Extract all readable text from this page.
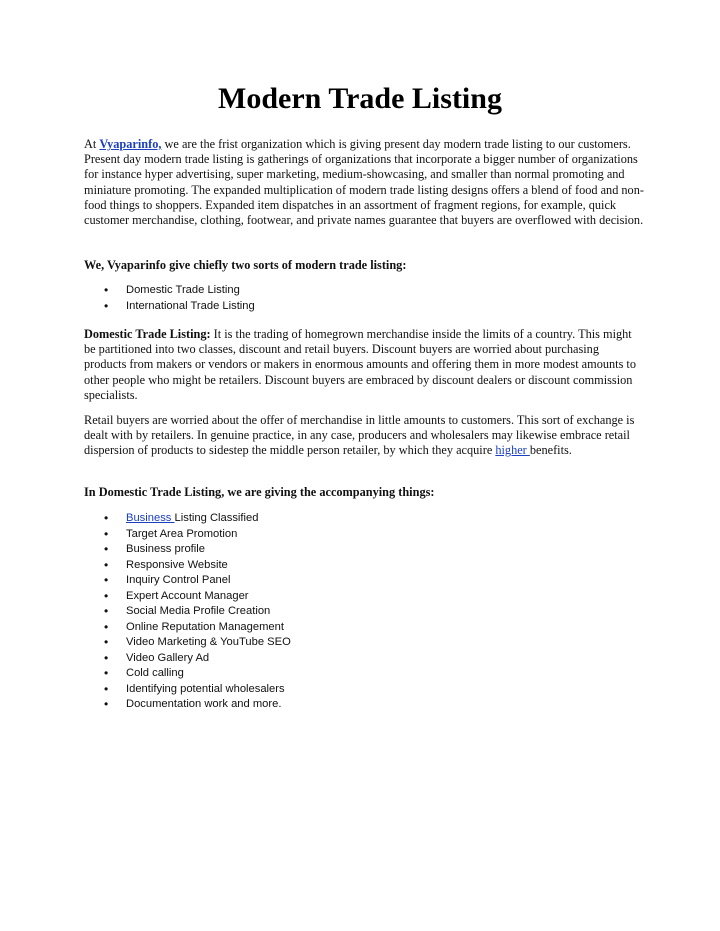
Modern Trade Listing

At Vyaparinfo, we are the frist organization which is giving present day modern trade listing to our customers. Present day modern trade listing is gatherings of organizations that incorporate a bigger number of organizations for instance hyper advertising, super marketing, medium-showcasing, and smaller than normal promoting and miniature promoting. The expanded multiplication of modern trade listing designs offers a blend of food and non-food things to shoppers. Expanded item dispatches in an assortment of fragment regions, for example, quick customer merchandise, clothing, footwear, and private names guarantee that buyers are overflowed with decision.

We, Vyaparinfo give chiefly two sorts of modern trade listing:

• Domestic Trade Listing
• International Trade Listing

Domestic Trade Listing: It is the trading of homegrown merchandise inside the limits of a country. This might be partitioned into two classes, discount and retail buyers. Discount buyers are worried about purchasing products from makers or vendors or makers in enormous amounts and offering them in more modest amounts to other people who might be retailers. Discount buyers are embraced by discount dealers or discount commission specialists.

Retail buyers are worried about the offer of merchandise in little amounts to customers. This sort of exchange is dealt with by retailers. In genuine practice, in any case, producers and wholesalers may likewise embrace retail dispersion of products to sidestep the middle person retailer, by which they acquire higher benefits.

In Domestic Trade Listing, we are giving the accompanying things:

• Business Listing Classified
• Target Area Promotion
• Business profile
• Responsive Website
• Inquiry Control Panel
• Expert Account Manager
• Social Media Profile Creation
• Online Reputation Management
• Video Marketing & YouTube SEO
• Video Gallery Ad
• Cold calling
• Identifying potential wholesalers
• Documentation work and more.
